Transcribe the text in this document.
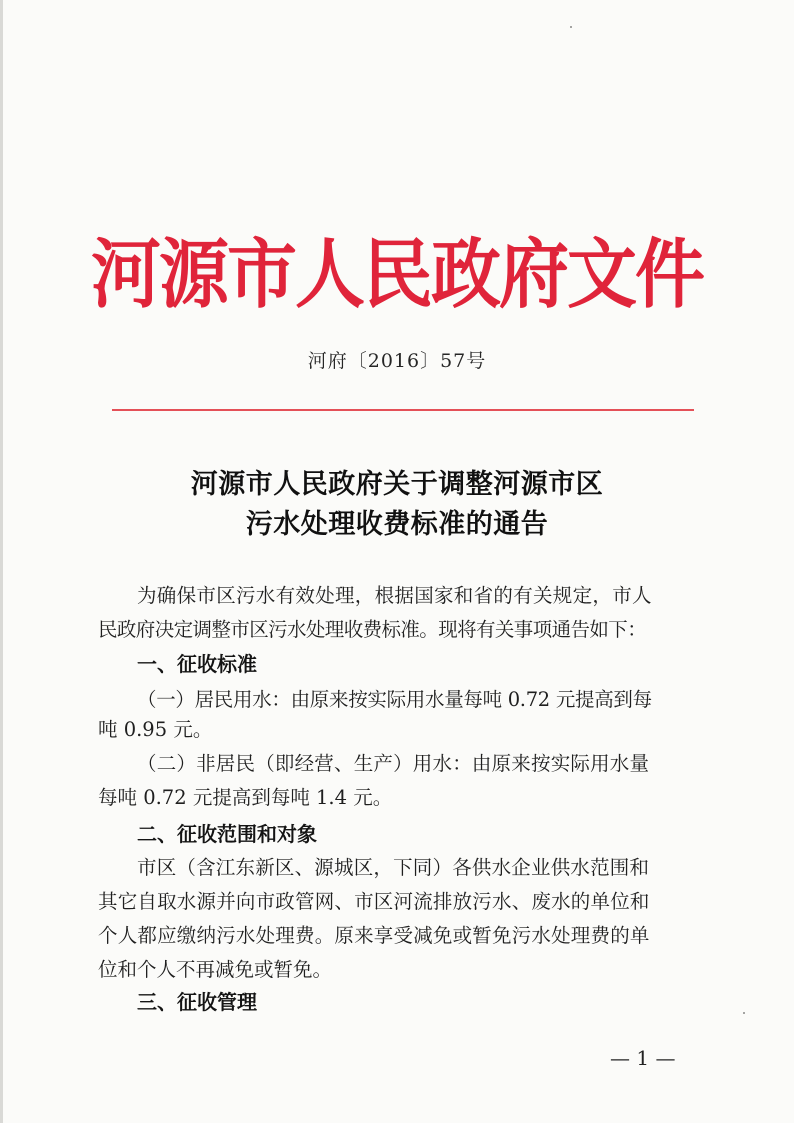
河源市人民政府文件
河府〔2016〕57号
河源市人民政府关于调整河源市区
污水处理收费标准的通告
为确保市区污水有效处理，根据国家和省的有关规定，市人
民政府决定调整市区污水处理收费标准。现将有关事项通告如下：
一、征收标准
（一）居民用水：由原来按实际用水量每吨 0.72 元提高到每
吨 0.95 元。
（二）非居民（即经营、生产）用水：由原来按实际用水量
每吨 0.72 元提高到每吨 1.4 元。
二、征收范围和对象
市区（含江东新区、源城区，下同）各供水企业供水范围和
其它自取水源并向市政管网、市区河流排放污水、废水的单位和
个人都应缴纳污水处理费。原来享受减免或暂免污水处理费的单
位和个人不再减免或暂免。
三、征收管理
— 1 —
